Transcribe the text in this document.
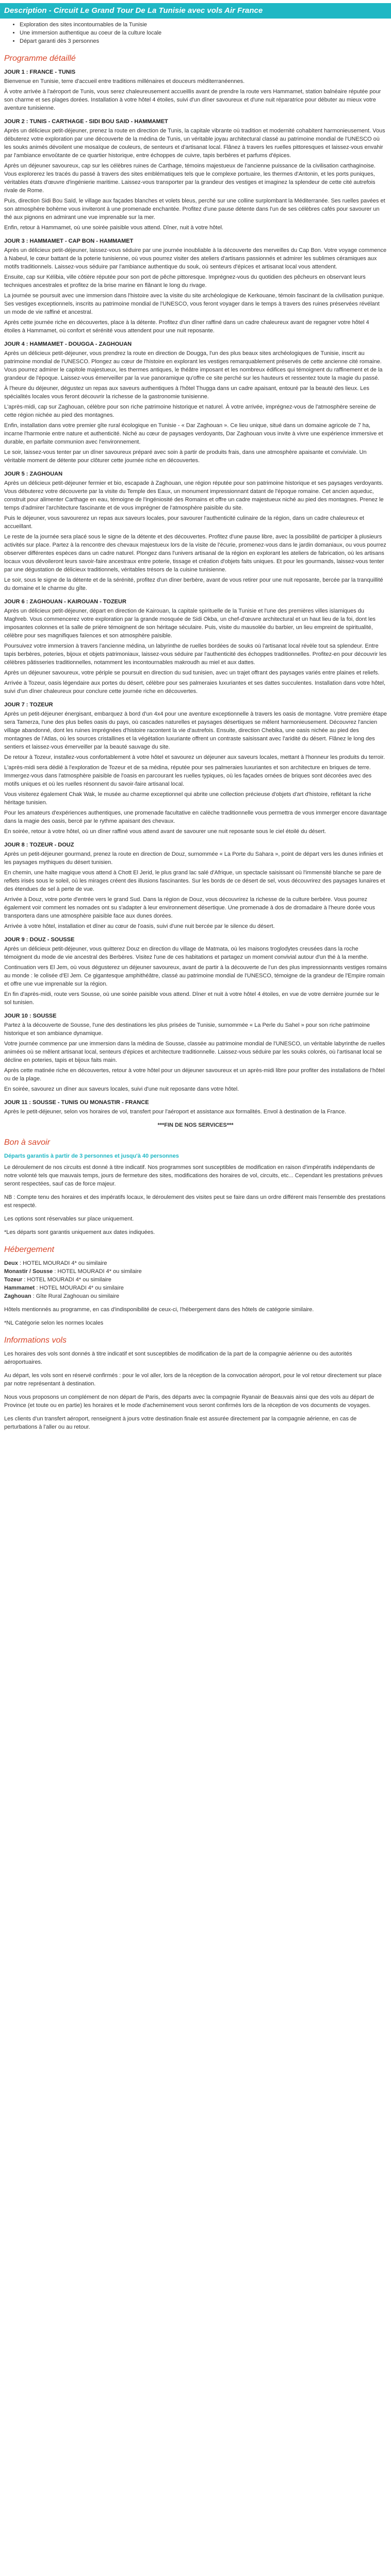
Description - Circuit Le Grand Tour De La Tunisie avec vols Air France
• Exploration des sites incontournables de la Tunisie
• Une immersion authentique au coeur de la culture locale
• Départ garanti dès 3 personnes
Programme détaillé
JOUR 1 : FRANCE - TUNIS

Bienvenue en Tunisie, terre d'accueil entre traditions millénaires et douceurs méditerranéennes.

À votre arrivée à l'aéroport de Tunis, vous serez chaleureusement accueillis avant de prendre la route vers Hammamet, station balnéaire réputée pour son charme et ses plages dorées. Installation à votre hôtel 4 étoiles, suivi d'un dîner savoureux et d'une nuit réparatrice pour débuter au mieux votre aventure tunisienne.

JOUR 2 : TUNIS - CARTHAGE - SIDI BOU SAID - HAMMAMET

Après un délicieux petit-déjeuner, prenez la route en direction de Tunis, la capitale vibrante où tradition et modernité cohabitent harmonieusement. Vous débuterez votre exploration par une découverte de la médina de Tunis, un véritable joyau architectural classé au patrimoine mondial de l'UNESCO où les souks animés dévoilent une mosaïque de couleurs, de senteurs et d'artisanat local. Flânez à travers les ruelles pittoresques et laissez-vous envahir par l'ambiance envoûtante de ce quartier historique, entre échoppes de cuivre, tapis berbères et parfums d'épices.

Après un déjeuner savoureux, cap sur les célèbres ruines de Carthage, témoins majestueux de l'ancienne puissance de la civilisation carthaginoise. Vous explorerez les tracés du passé à travers des sites emblématiques tels que le complexe portuaire, les thermes d'Antonin, et les ports puniques, véritables états d'œuvre d'ingénierie maritime. Laissez-vous transporter par la grandeur des vestiges et imaginez la splendeur de cette cité autrefois rivale de Rome.

Puis, direction Sidi Bou Saïd, le village aux façades blanches et volets bleus, perché sur une colline surplombant la Méditerranée. Ses ruelles pavées et son atmosphère bohème vous inviteront à une promenade enchantée. Profitez d'une pause détente dans l'un de ses célèbres cafés pour savourer un thé aux pignons en admirant une vue imprenable sur la mer.

Enfin, retour à Hammamet, où une soirée paisible vous attend. Dîner, nuit à votre hôtel.

JOUR 3 : HAMMAMET - CAP BON - HAMMAMET

Après un délicieux petit-déjeuner, laissez-vous séduire par une journée inoubliable à la découverte des merveilles du Cap Bon. Votre voyage commence à Nabeul, le cœur battant de la poterie tunisienne, où vous pourrez visiter des ateliers d'artisans passionnés et admirer les sublimes céramiques aux motifs traditionnels. Laissez-vous séduire par l'ambiance authentique du souk, où senteurs d'épices et artisanat local vous attendent.

Ensuite, cap sur Kélibia, ville côtière réputée pour son port de pêche pittoresque. Imprégnez-vous du quotidien des pêcheurs en observant leurs techniques ancestrales et profitez de la brise marine en flânant le long du rivage.

La journée se poursuit avec une immersion dans l'histoire avec la visite du site archéologique de Kerkouane, témoin fascinant de la civilisation punique. Ses vestiges exceptionnels, inscrits au patrimoine mondial de l'UNESCO, vous feront voyager dans le temps à travers des ruines préservées révélant un mode de vie raffiné et ancestral.

Après cette journée riche en découvertes, place à la détente. Profitez d'un dîner raffiné dans un cadre chaleureux avant de regagner votre hôtel 4 étoiles à Hammamet, où confort et sérénité vous attendent pour une nuit reposante.

JOUR 4 : HAMMAMET - DOUGGA - ZAGHOUAN

Après un délicieux petit-déjeuner, vous prendrez la route en direction de Dougga, l'un des plus beaux sites archéologiques de Tunisie, inscrit au patrimoine mondial de l'UNESCO. Plongez au cœur de l'histoire en explorant les vestiges remarquablement préservés de cette ancienne cité romaine. Vous pourrez admirer le capitole majestueux, les thermes antiques, le théâtre imposant et les nombreux édifices qui témoignent du raffinement et de la grandeur de l'époque. Laissez-vous émerveiller par la vue panoramique qu'offre ce site perché sur les hauteurs et ressentez toute la magie du passé.

À l'heure du déjeuner, dégustez un repas aux saveurs authentiques à l'hôtel Thugga dans un cadre apaisant, entouré par la beauté des lieux. Les spécialités locales vous feront découvrir la richesse de la gastronomie tunisienne.

L'après-midi, cap sur Zaghouan, célèbre pour son riche patrimoine historique et naturel. À votre arrivée, imprégnez-vous de l'atmosphère sereine de cette région nichée au pied des montagnes.

Enfin, installation dans votre premier gîte rural écologique en Tunisie - « Dar Zaghouan ». Ce lieu unique, situé dans un domaine agricole de 7 ha, incarne l'harmonie entre nature et authenticité. Niché au cœur de paysages verdoyants, Dar Zaghouan vous invite à vivre une expérience immersive et durable, en parfaite communion avec l'environnement.

Le soir, laissez-vous tenter par un dîner savoureux préparé avec soin à partir de produits frais, dans une atmosphère apaisante et conviviale. Un véritable moment de détente pour clôturer cette journée riche en découvertes.

JOUR 5 : ZAGHOUAN

Après un délicieux petit-déjeuner fermier et bio, escapade à Zaghouan, une région réputée pour son patrimoine historique et ses paysages verdoyants. Vous débuterez votre découverte par la visite du Temple des Eaux, un monument impressionnant datant de l'époque romaine. Cet ancien aqueduc, construit pour alimenter Carthage en eau, témoigne de l'ingéniosité des Romains et offre un cadre majestueux niché au pied des montagnes. Prenez le temps d'admirer l'architecture fascinante et de vous imprégner de l'atmosphère paisible du site.

Puis le déjeuner, vous savourerez un repas aux saveurs locales, pour savourer l'authenticité culinaire de la région, dans un cadre chaleureux et accueillant.

Le reste de la journée sera placé sous le signe de la détente et des découvertes. Profitez d'une pause libre, avec la possibilité de participer à plusieurs activités sur place. Partez à la rencontre des chevaux majestueux lors de la visite de l'écurie, promenez-vous dans le jardin domaniaux, ou vous pourrez observer différentes espèces dans un cadre naturel. Plongez dans l'univers artisanal de la région en explorant les ateliers de fabrication, où les artisans locaux vous dévoileront leurs savoir-faire ancestraux entre poterie, tissage et création d'objets faits uniques. Et pour les gourmands, laissez-vous tenter par une dégustation de délicieux traditionnels, véritables trésors de la cuisine tunisienne.

Le soir, sous le signe de la détente et de la sérénité, profitez d'un dîner berbère, avant de vous retirer pour une nuit reposante, bercée par la tranquillité du domaine et le charme du gîte.

JOUR 6 : ZAGHOUAN - KAIROUAN - TOZEUR

Après un délicieux petit-déjeuner, départ en direction de Kairouan, la capitale spirituelle de la Tunisie et l'une des premières villes islamiques du Maghreb. Vous commencerez votre exploration par la grande mosquée de Sidi Okba, un chef-d'œuvre architectural et un haut lieu de la foi, dont les imposantes colonnes et la salle de prière témoignent de son héritage séculaire. Puis, visite du mausolée du barbier, un lieu empreint de spiritualité, célèbre pour ses magnifiques faïences et son atmosphère paisible.

Poursuivez votre immersion à travers l'ancienne médina, un labyrinthe de ruelles bordées de souks où l'artisanat local révèle tout sa splendeur. Entre tapis berbères, poteries, bijoux et objets patrimoniaux, laissez-vous séduire par l'authenticité des échoppes traditionnelles. Profitez-en pour découvrir les célèbres pâtisseries traditionnelles, notamment les incontournables makroudh au miel et aux dattes.

Après un déjeuner savoureux, votre périple se poursuit en direction du sud tunisien, avec un trajet offrant des paysages variés entre plaines et reliefs.

Arrivée à Tozeur, oasis légendaire aux portes du désert, célèbre pour ses palmeraies luxuriantes et ses dattes succulentes. Installation dans votre hôtel, suivi d'un dîner chaleureux pour conclure cette journée riche en découvertes.

JOUR 7 : TOZEUR

Après un petit-déjeuner énergisant, embarquez à bord d'un 4x4 pour une aventure exceptionnelle à travers les oasis de montagne. Votre première étape sera Tamerza, l'une des plus belles oasis du pays, où cascades naturelles et paysages désertiques se mêlent harmonieusement. Découvrez l'ancien village abandonné, dont les ruines imprégnées d'histoire racontent la vie d'autrefois. Ensuite, direction Chebika, une oasis nichée au pied des montagnes de l'Atlas, où les sources cristallines et la végétation luxuriante offrent un contraste saisissant avec l'aridité du désert. Flânez le long des sentiers et laissez-vous émerveiller par la beauté sauvage du site.

De retour à Tozeur, installez-vous confortablement à votre hôtel et savourez un déjeuner aux saveurs locales, mettant à l'honneur les produits du terroir.

L'après-midi sera dédié à l'exploration de Tozeur et de sa médina, réputée pour ses palmeraies luxuriantes et son architecture en briques de terre. Immergez-vous dans l'atmosphère paisible de l'oasis en parcourant les ruelles typiques, où les façades ornées de briques sont décorées avec des motifs uniques et où les ruelles résonnent du savoir-faire artisanal local.

Vous visiterez également Chak Wak, le musée au charme exceptionnel qui abrite une collection précieuse d'objets d'art d'histoire, reflétant la riche héritage tunisien.

Pour les amateurs d'expériences authentiques, une promenade facultative en calèche traditionnelle vous permettra de vous immerger encore davantage dans la magie des oasis, bercé par le rythme apaisant des chevaux.

En soirée, retour à votre hôtel, où un dîner raffiné vous attend avant de savourer une nuit reposante sous le ciel étoilé du désert.

JOUR 8 : TOZEUR - DOUZ

Après un petit-déjeuner gourmand, prenez la route en direction de Douz, surnommée « La Porte du Sahara », point de départ vers les dunes infinies et les paysages mythiques du désert tunisien.

En chemin, une halte magique vous attend à Chott El Jerid, le plus grand lac salé d'Afrique, un spectacle saisissant où l'immensité blanche se pare de reflets irisés sous le soleil, où les mirages créent des illusions fascinantes. Sur les bords de ce désert de sel, vous découvrirez des paysages lunaires et des étendues de sel à perte de vue.

Arrivée à Douz, votre porte d'entrée vers le grand Sud. Dans la région de Douz, vous découvrirez la richesse de la culture berbère. Vous pourrez également voir comment les nomades ont su s'adapter à leur environnement désertique. Une promenade à dos de dromadaire à l'heure dorée vous transportera dans une atmosphère paisible face aux dunes dorées.

Arrivée à votre hôtel, installation et dîner au cœur de l'oasis, suivi d'une nuit bercée par le silence du désert.

JOUR 9 : DOUZ - SOUSSE

Après un délicieux petit-déjeuner, vous quitterez Douz en direction du village de Matmata, où les maisons troglodytes creusées dans la roche témoignent du mode de vie ancestral des Berbères. Visitez l'une de ces habitations et partagez un moment convivial autour d'un thé à la menthe.

Continuation vers El Jem, où vous dégusterez un déjeuner savoureux, avant de partir à la découverte de l'un des plus impressionnants vestiges romains au monde : le colisée d'El Jem. Ce gigantesque amphithéâtre, classé au patrimoine mondial de l'UNESCO, témoigne de la grandeur de l'Empire romain et offre une vue imprenable sur la région.

En fin d'après-midi, route vers Sousse, où une soirée paisible vous attend. Dîner et nuit à votre hôtel 4 étoiles, en vue de votre dernière journée sur le sol tunisien.

JOUR 10 : SOUSSE

Partez à la découverte de Sousse, l'une des destinations les plus prisées de Tunisie, surnommée « La Perle du Sahel » pour son riche patrimoine historique et son ambiance dynamique.

Votre journée commence par une immersion dans la médina de Sousse, classée au patrimoine mondial de l'UNESCO, un véritable labyrinthe de ruelles animées où se mêlent artisanat local, senteurs d'épices et architecture traditionnelle. Laissez-vous séduire par les souks colorés, où l'artisanat local se décline en poteries, tapis et bijoux faits main.

Après cette matinée riche en découvertes, retour à votre hôtel pour un déjeuner savoureux et un après-midi libre pour profiter des installations de l'hôtel ou de la plage.

En soirée, savourez un dîner aux saveurs locales, suivi d'une nuit reposante dans votre hôtel.

JOUR 11 : SOUSSE - TUNIS OU MONASTIR - FRANCE

Après le petit-déjeuner, selon vos horaires de vol, transfert pour l'aéroport et assistance aux formalités. Envol à destination de la France.

***FIN DE NOS SERVICES***
Bon à savoir
Départs garantis à partir de 3 personnes et jusqu'à 40 personnes

Le déroulement de nos circuits est donné à titre indicatif. Nos programmes sont susceptibles de modification en raison d'impératifs indépendants de notre volonté tels que mauvais temps, jours de fermeture des sites, modifications des horaires de vol, circuits, etc... Cependant les prestations prévues seront respectées, sauf cas de force majeur.

NB : Compte tenu des horaires et des impératifs locaux, le déroulement des visites peut se faire dans un ordre différent mais l'ensemble des prestations est respecté.

Les options sont réservables sur place uniquement.

*Les départs sont garantis uniquement aux dates indiquées.

Hébergement

Deux : HOTEL MOURADI 4* ou similaire

Monastir / Sousse : HOTEL MOURADI 4* ou similaire

Tozeur : HOTEL MOURADI 4* ou similaire

Hammamet : HOTEL MOURADI 4* ou similaire

Zaghouan : Gîte Rural Zaghouan ou similaire

Hôtels mentionnés au programme, en cas d'indisponibilité de ceux-ci, l'hébergement dans des hôtels de catégorie similaire.

*NL Catégorie selon les normes locales

Informations vols

Les horaires des vols sont donnés à titre indicatif et sont susceptibles de modification de la part de la compagnie aérienne ou des autorités aéroportuaires.

Au départ, les vols sont en réservé confirmés : pour le vol aller, lors de la réception de la convocation aéroport, pour le vol retour directement sur place par notre représentant à destination.

Nous vous proposons un complément de non départ de Paris, des départs avec la compagnie Ryanair de Beauvais ainsi que des vols au départ de Province (et toute ou en partie) les horaires et le mode d'acheminement vous seront confirmés lors de la réception de vos documents de voyages.

Les clients d'un transfert aéroport, renseignent à jours votre destination finale est assurée directement par la compagnie aérienne, en cas de perturbations à l'aller ou au retour.
